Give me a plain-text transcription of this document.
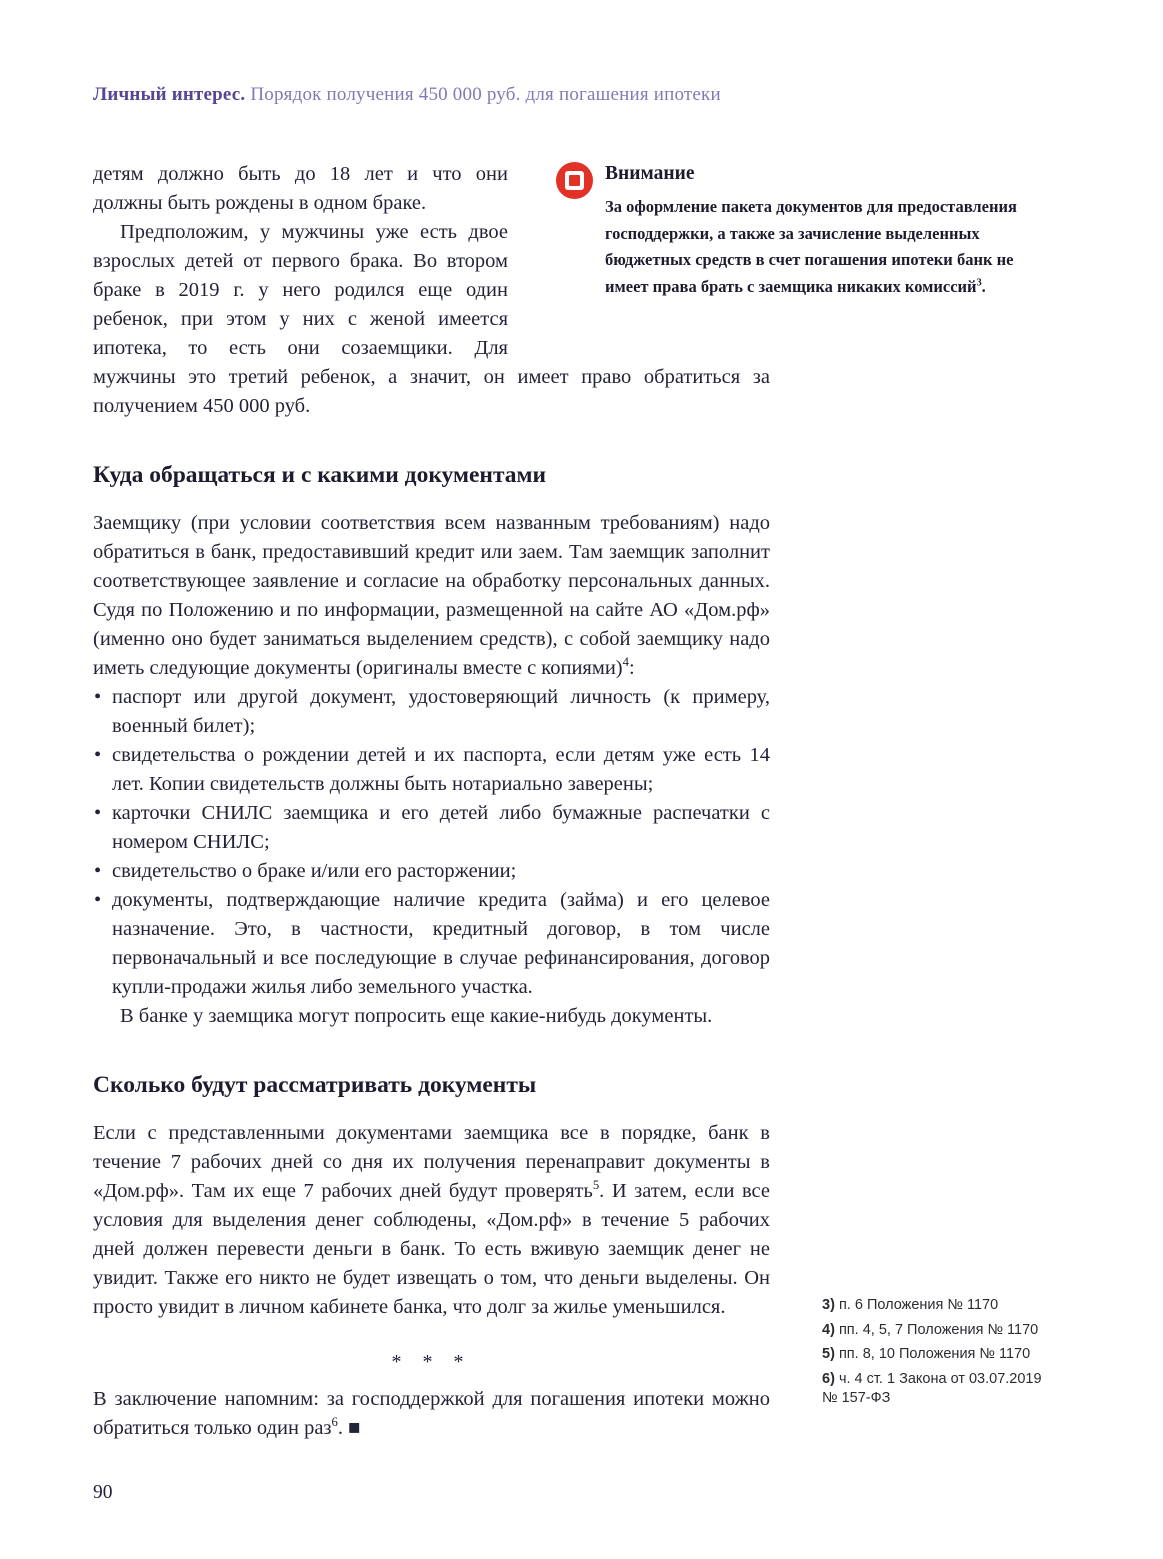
Личный интерес. Порядок получения 450 000 руб. для погашения ипотеки
Внимание

За оформление пакета документов для предоставления господдержки, а также за зачисление выделенных бюджетных средств в счет погашения ипотеки банк не имеет права брать с заемщика никаких комиссий$^3$.

детям должно быть до 18 лет и что они должны быть рождены в одном браке.

Предположим, у мужчины уже есть двое взрослых детей от первого брака. Во втором браке в 2019 г. у него родился еще один ребенок, при этом у них с женой имеется ипотека, то есть они созаемщики. Для мужчины это третий ребенок, а значит, он имеет право обратиться за получением 450 000 руб.

Куда обращаться и с какими документами

Заемщику (при условии соответствия всем названным требованиям) надо обратиться в банк, предоставивший кредит или заем. Там заемщик заполнит соответствующее заявление и согласие на обработку персональных данных. Судя по Положению и по информации, размещенной на сайте АО «Дом.рф» (именно оно будет заниматься выделением средств), с собой заемщику надо иметь следующие документы (оригиналы вместе с копиями)$^4$:

• паспорт или другой документ, удостоверяющий личность (к примеру, военный билет);
• свидетельства о рождении детей и их паспорта, если детям уже есть 14 лет. Копии свидетельств должны быть нотариально заверены;
• карточки СНИЛС заемщика и его детей либо бумажные распечатки с номером СНИЛС;
• свидетельство о браке и/или его расторжении;
• документы, подтверждающие наличие кредита (займа) и его целевое назначение. Это, в частности, кредитный договор, в том числе первоначальный и все последующие в случае рефинансирования, договор купли-продажи жилья либо земельного участка.

В банке у заемщика могут попросить еще какие-нибудь документы.

Сколько будут рассматривать документы

Если с представленными документами заемщика все в порядке, банк в течение 7 рабочих дней со дня их получения перенаправит документы в «Дом.рф». Там их еще 7 рабочих дней будут проверять$^5$. И затем, если все условия для выделения денег соблюдены, «Дом.рф» в течение 5 рабочих дней должен перевести деньги в банк. То есть вживую заемщик денег не увидит. Также его никто не будет извещать о том, что деньги выделены. Он просто увидит в личном кабинете банка, что долг за жилье уменьшился.

* * *

В заключение напомним: за господдержкой для погашения ипотеки можно обратиться только один раз$^6$. ■

3) п. 6 Положения № 1170
4) пп. 4, 5, 7 Положения № 1170
5) пп. 8, 10 Положения № 1170
6) ч. 4 ст. 1 Закона от 03.07.2019 № 157-ФЗ
90
